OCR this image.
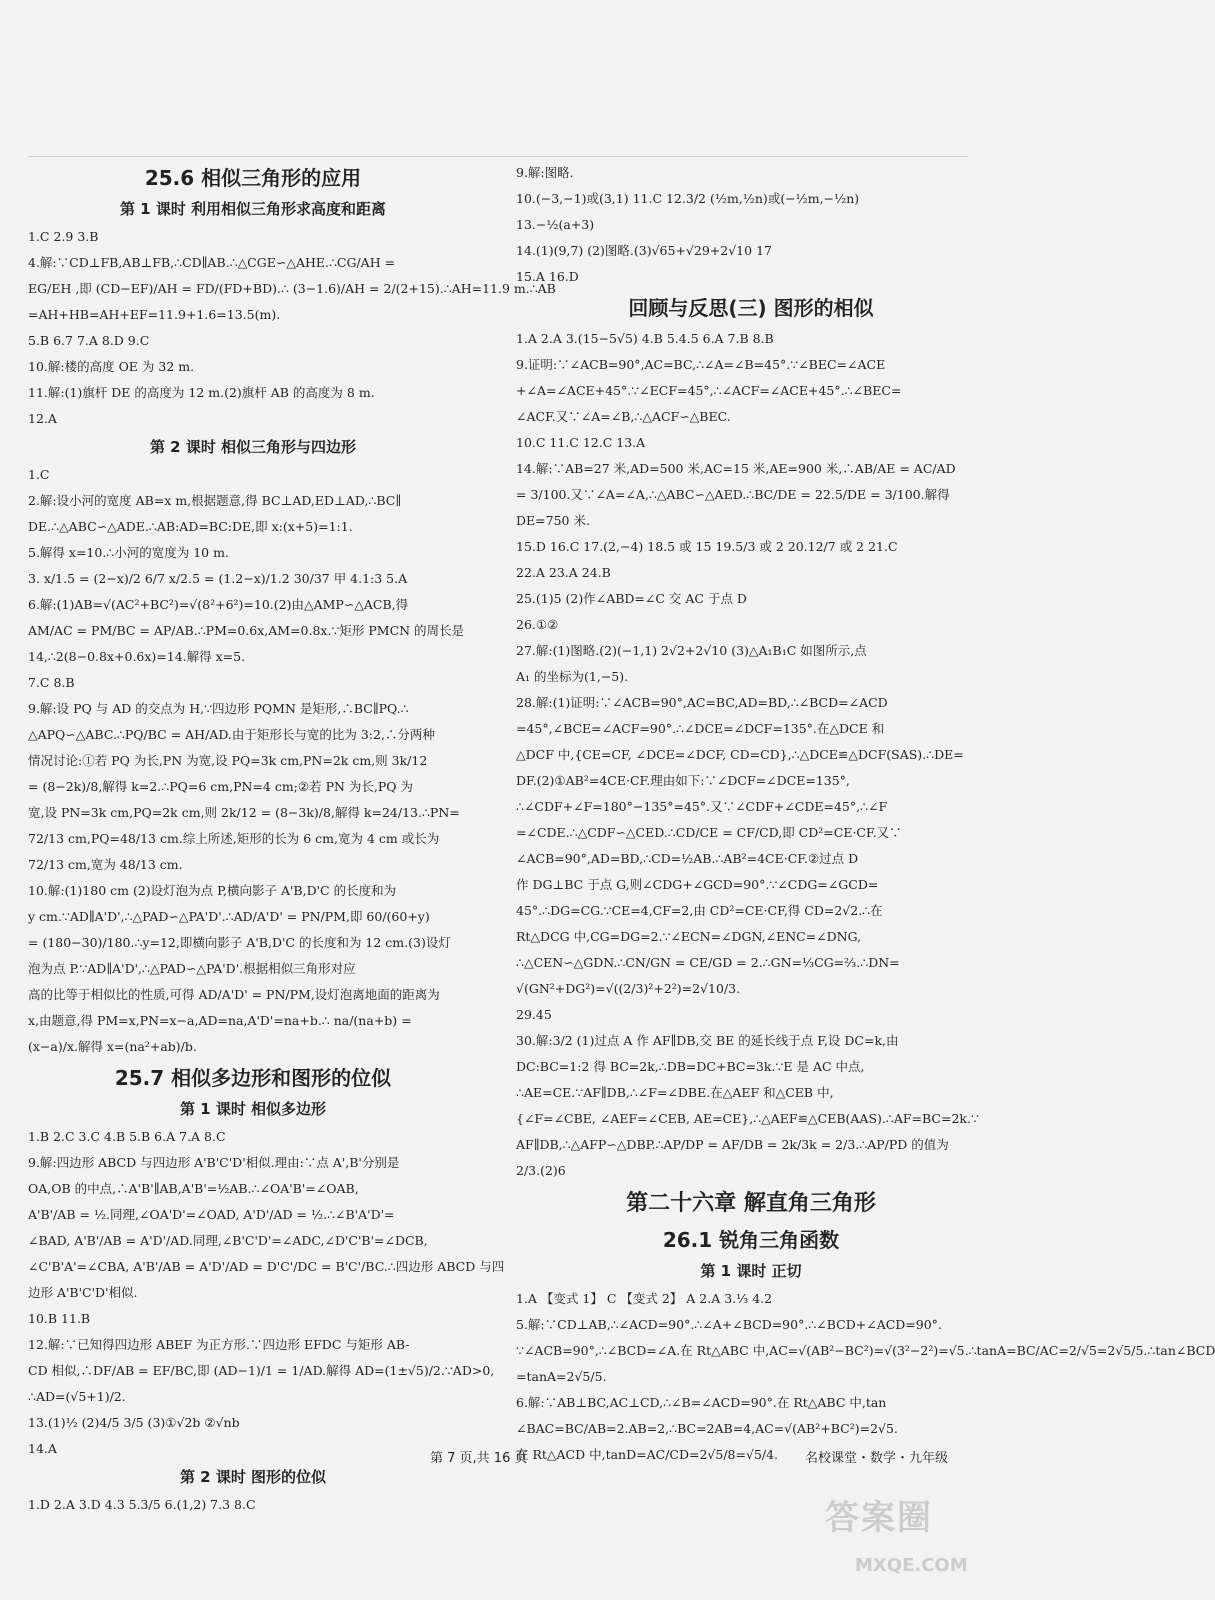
25.6 相似三角形的应用
第 1 课时 利用相似三角形求高度和距离
1.C 2.9 3.B
4.解:∵CD⊥FB,AB⊥FB,∴CD∥AB.∴△CGE∽△AHE.∴CG/AH =
EG/EH ,即 (CD−EF)/AH = FD/(FD+BD).∴ (3−1.6)/AH = 2/(2+15).∴AH=11.9 m.∴AB
=AH+HB=AH+EF=11.9+1.6=13.5(m).
5.B 6.7 7.A 8.D 9.C
10.解:楼的高度 OE 为 32 m.
11.解:(1)旗杆 DE 的高度为 12 m.(2)旗杆 AB 的高度为 8 m.
12.A
第 2 课时 相似三角形与四边形
1.C
2.解:设小河的宽度 AB=x m,根据题意,得 BC⊥AD,ED⊥AD,∴BC∥
DE.∴△ABC∽△ADE.∴AB:AD=BC:DE,即 x:(x+5)=1:1.
5.解得 x=10.∴小河的宽度为 10 m.
3. x/1.5 = (2−x)/2 6/7 x/2.5 = (1.2−x)/1.2 30/37 甲 4.1:3 5.A
6.解:(1)AB=√(AC²+BC²)=√(8²+6²)=10.(2)由△AMP∽△ACB,得
AM/AC = PM/BC = AP/AB.∴PM=0.6x,AM=0.8x.∵矩形 PMCN 的周长是
14,∴2(8−0.8x+0.6x)=14.解得 x=5.
7.C 8.B
9.解:设 PQ 与 AD 的交点为 H,∵四边形 PQMN 是矩形,∴BC∥PQ.∴
△APQ∽△ABC.∴PQ/BC = AH/AD.由于矩形长与宽的比为 3:2,∴分两种
情况讨论:①若 PQ 为长,PN 为宽,设 PQ=3k cm,PN=2k cm,则 3k/12
= (8−2k)/8,解得 k=2.∴PQ=6 cm,PN=4 cm;②若 PN 为长,PQ 为
宽,设 PN=3k cm,PQ=2k cm,则 2k/12 = (8−3k)/8,解得 k=24/13.∴PN=
72/13 cm,PQ=48/13 cm.综上所述,矩形的长为 6 cm,宽为 4 cm 或长为
72/13 cm,宽为 48/13 cm.
10.解:(1)180 cm (2)设灯泡为点 P,横向影子 A'B,D'C 的长度和为
y cm.∵AD∥A'D',∴△PAD∽△PA'D'.∴AD/A'D' = PN/PM,即 60/(60+y)
= (180−30)/180.∴y=12,即横向影子 A'B,D'C 的长度和为 12 cm.(3)设灯
泡为点 P.∵AD∥A'D',∴△PAD∽△PA'D'.根据相似三角形对应
高的比等于相似比的性质,可得 AD/A'D' = PN/PM,设灯泡离地面的距离为
x,由题意,得 PM=x,PN=x−a,AD=na,A'D'=na+b.∴ na/(na+b) =
(x−a)/x.解得 x=(na²+ab)/b.
25.7 相似多边形和图形的位似
第 1 课时 相似多边形
1.B 2.C 3.C 4.B 5.B 6.A 7.A 8.C
9.解:四边形 ABCD 与四边形 A'B'C'D'相似.理由:∵点 A',B'分别是
OA,OB 的中点,∴A'B'∥AB,A'B'=½AB.∴∠OA'B'=∠OAB,
A'B'/AB = ½.同理,∠OA'D'=∠OAD, A'D'/AD = ½.∴∠B'A'D'=
∠BAD, A'B'/AB = A'D'/AD.同理,∠B'C'D'=∠ADC,∠D'C'B'=∠DCB,
∠C'B'A'=∠CBA, A'B'/AB = A'D'/AD = D'C'/DC = B'C'/BC.∴四边形 ABCD 与四
边形 A'B'C'D'相似.
10.B 11.B
12.解:∵已知得四边形 ABEF 为正方形.∵四边形 EFDC 与矩形 AB-
CD 相似,∴DF/AB = EF/BC,即 (AD−1)/1 = 1/AD.解得 AD=(1±√5)/2.∵AD>0,
∴AD=(√5+1)/2.
13.(1)½ (2)4/5 3/5 (3)①√2b ②√nb
14.A
第 2 课时 图形的位似
1.D 2.A 3.D 4.3 5.3/5 6.(1,2) 7.3 8.C
9.解:图略.
10.(−3,−1)或(3,1) 11.C 12.3/2 (½m,½n)或(−½m,−½n)
13.−½(a+3)
14.(1)(9,7) (2)图略.(3)√65+√29+2√10 17
15.A 16.D
回顾与反思(三) 图形的相似
1.A 2.A 3.(15−5√5) 4.B 5.4.5 6.A 7.B 8.B
9.证明:∵∠ACB=90°,AC=BC,∴∠A=∠B=45°.∵∠BEC=∠ACE
+∠A=∠ACE+45°.∵∠ECF=45°,∴∠ACF=∠ACE+45°.∴∠BEC=
∠ACF.又∵∠A=∠B,∴△ACF∽△BEC.
10.C 11.C 12.C 13.A
14.解:∵AB=27 米,AD=500 米,AC=15 米,AE=900 米,∴AB/AE = AC/AD
= 3/100.又∵∠A=∠A,∴△ABC∽△AED.∴BC/DE = 22.5/DE = 3/100.解得
DE=750 米.
15.D 16.C 17.(2,−4) 18.5 或 15 19.5/3 或 2 20.12/7 或 2 21.C
22.A 23.A 24.B
25.(1)5 (2)作∠ABD=∠C 交 AC 于点 D
26.①②
27.解:(1)图略.(2)(−1,1) 2√2+2√10 (3)△A₁B₁C 如图所示,点
A₁ 的坐标为(1,−5).
28.解:(1)证明:∵∠ACB=90°,AC=BC,AD=BD,∴∠BCD=∠ACD
=45°,∠BCE=∠ACF=90°.∴∠DCE=∠DCF=135°.在△DCE 和
△DCF 中,{CE=CF, ∠DCE=∠DCF, CD=CD},∴△DCE≌△DCF(SAS).∴DE=
DF.(2)①AB²=4CE·CF.理由如下:∵∠DCF=∠DCE=135°,
∴∠CDF+∠F=180°−135°=45°.又∵∠CDF+∠CDE=45°,∴∠F
=∠CDE.∴△CDF∽△CED.∴CD/CE = CF/CD,即 CD²=CE·CF.又∵
∠ACB=90°,AD=BD,∴CD=½AB.∴AB²=4CE·CF.②过点 D
作 DG⊥BC 于点 G,则∠CDG+∠GCD=90°.∵∠CDG=∠GCD=
45°.∴DG=CG.∵CE=4,CF=2,由 CD²=CE·CF,得 CD=2√2.∴在
Rt△DCG 中,CG=DG=2.∵∠ECN=∠DGN,∠ENC=∠DNG,
∴△CEN∽△GDN.∴CN/GN = CE/GD = 2.∴GN=⅓CG=⅔.∴DN=
√(GN²+DG²)=√((2/3)²+2²)=2√10/3.
29.45
30.解:3/2 (1)过点 A 作 AF∥DB,交 BE 的延长线于点 F,设 DC=k,由
DC:BC=1:2 得 BC=2k,∴DB=DC+BC=3k.∵E 是 AC 中点,
∴AE=CE.∵AF∥DB,∴∠F=∠DBE.在△AEF 和△CEB 中,
{∠F=∠CBE, ∠AEF=∠CEB, AE=CE},∴△AEF≌△CEB(AAS).∴AF=BC=2k.∵
AF∥DB,∴△AFP∽△DBP.∴AP/DP = AF/DB = 2k/3k = 2/3.∴AP/PD 的值为
2/3.(2)6
第二十六章 解直角三角形
26.1 锐角三角函数
第 1 课时 正切
1.A 【变式 1】 C 【变式 2】 A 2.A 3.⅓ 4.2
5.解:∵CD⊥AB,∴∠ACD=90°.∴∠A+∠BCD=90°.∴∠BCD+∠ACD=90°.
∵∠ACB=90°,∴∠BCD=∠A.在 Rt△ABC 中,AC=√(AB²−BC²)=√(3²−2²)=√5.∴tanA=BC/AC=2/√5=2√5/5.∴tan∠BCD
=tanA=2√5/5.
6.解:∵AB⊥BC,AC⊥CD,∴∠B=∠ACD=90°.在 Rt△ABC 中,tan
∠BAC=BC/AB=2.AB=2,∴BC=2AB=4,AC=√(AB²+BC²)=2√5.
在 Rt△ACD 中,tanD=AC/CD=2√5/8=√5/4.
第 7 页,共 16 页	名校课堂・数学・九年级
答案圈
MXQE.COM
